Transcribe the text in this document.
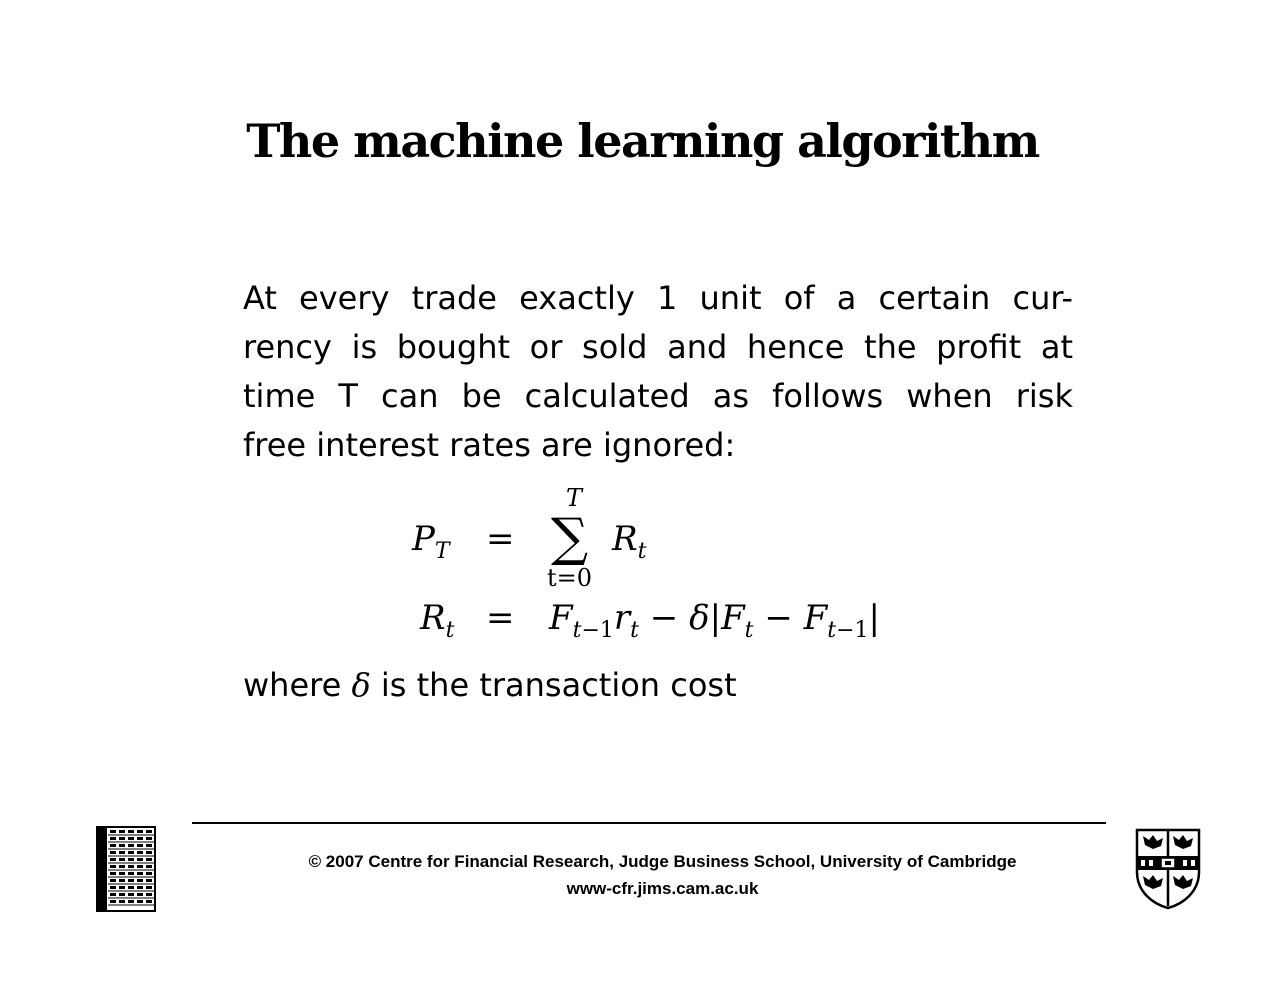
The machine learning algorithm
At every trade exactly 1 unit of a certain cur-
rency is bought or sold and hence the profit at
time T can be calculated as follows when risk
free interest rates are ignored:
$P_T$ =
T
∑
t=0
$R_t$
$R_t = F_{t-1}r_t - \delta|F_t - F_{t-1}|$
where δ is the transaction cost
© 2007 Centre for Financial Research, Judge Business School, University of Cambridge
www-cfr.jims.cam.ac.uk
